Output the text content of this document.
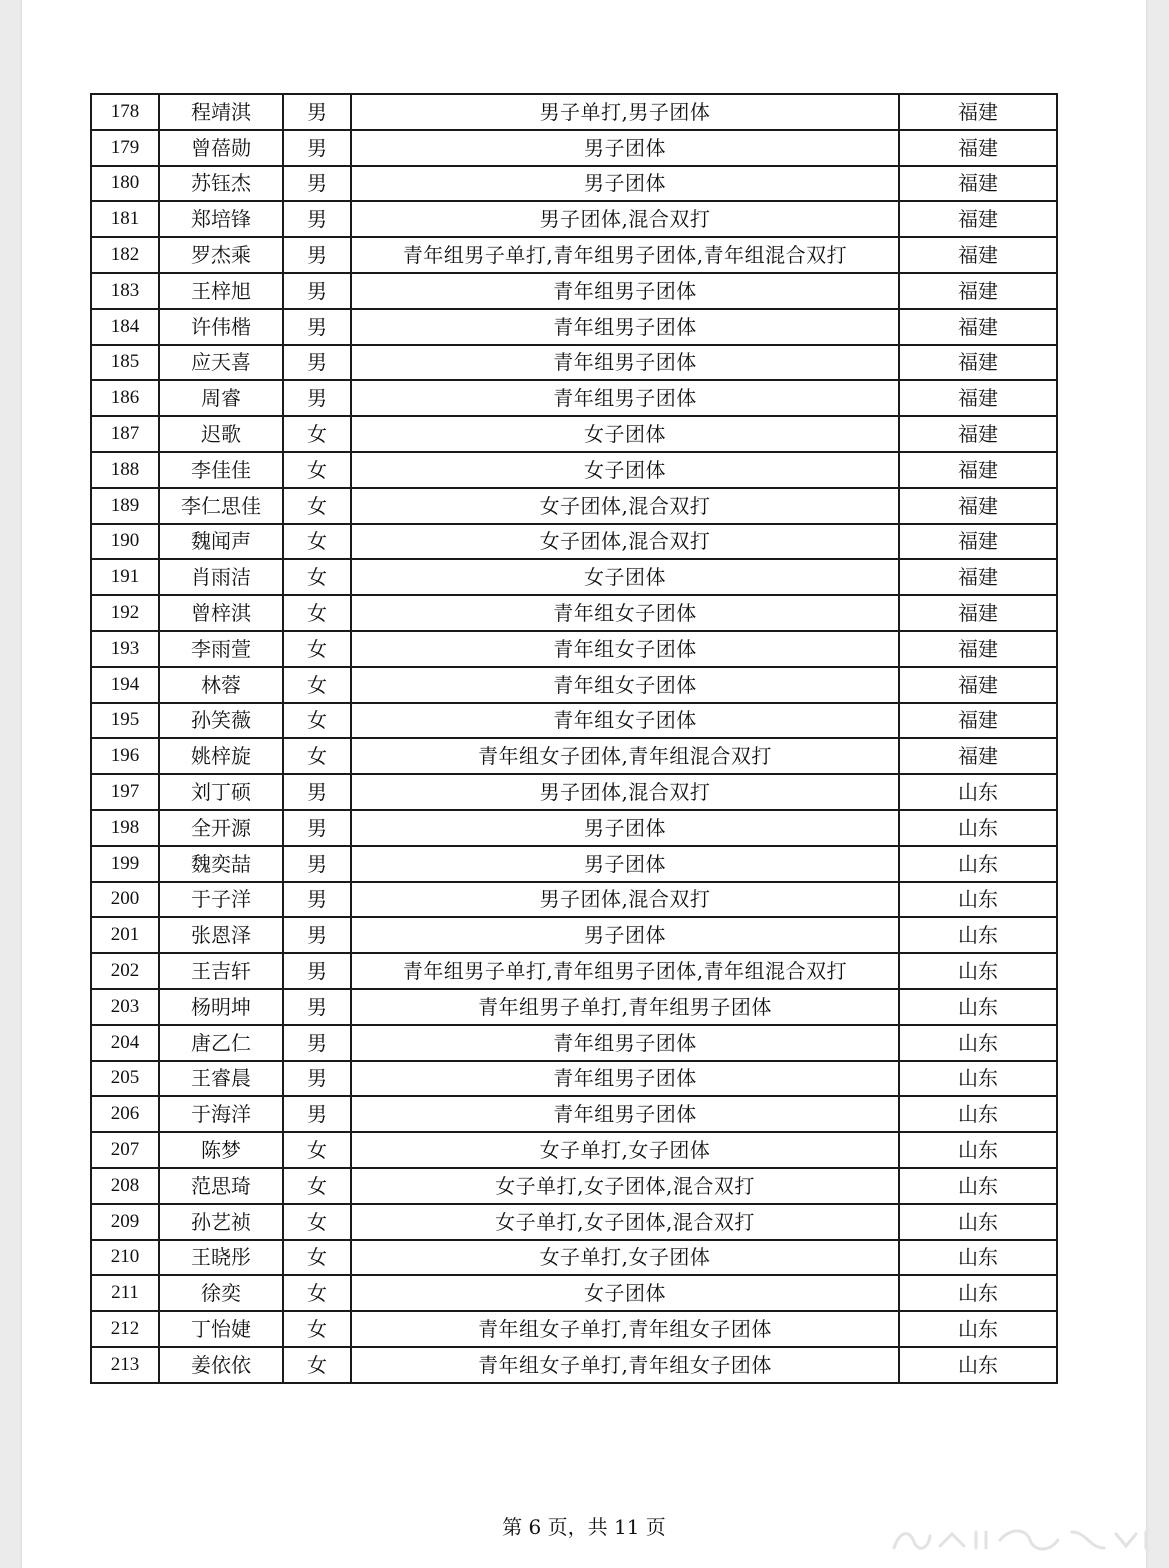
178	程靖淇	男	男子单打,男子团体	福建
179	曾蓓勋	男	男子团体	福建
180	苏钰杰	男	男子团体	福建
181	郑培锋	男	男子团体,混合双打	福建
182	罗杰乘	男	青年组男子单打,青年组男子团体,青年组混合双打	福建
183	王梓旭	男	青年组男子团体	福建
184	许伟楷	男	青年组男子团体	福建
185	应天喜	男	青年组男子团体	福建
186	周睿	男	青年组男子团体	福建
187	迟歌	女	女子团体	福建
188	李佳佳	女	女子团体	福建
189	李仁思佳	女	女子团体,混合双打	福建
190	魏闻声	女	女子团体,混合双打	福建
191	肖雨洁	女	女子团体	福建
192	曾梓淇	女	青年组女子团体	福建
193	李雨萱	女	青年组女子团体	福建
194	林蓉	女	青年组女子团体	福建
195	孙笑薇	女	青年组女子团体	福建
196	姚梓旋	女	青年组女子团体,青年组混合双打	福建
197	刘丁硕	男	男子团体,混合双打	山东
198	全开源	男	男子团体	山东
199	魏奕喆	男	男子团体	山东
200	于子洋	男	男子团体,混合双打	山东
201	张恩泽	男	男子团体	山东
202	王吉轩	男	青年组男子单打,青年组男子团体,青年组混合双打	山东
203	杨明坤	男	青年组男子单打,青年组男子团体	山东
204	唐乙仁	男	青年组男子团体	山东
205	王睿晨	男	青年组男子团体	山东
206	于海洋	男	青年组男子团体	山东
207	陈梦	女	女子单打,女子团体	山东
208	范思琦	女	女子单打,女子团体,混合双打	山东
209	孙艺祯	女	女子单打,女子团体,混合双打	山东
210	王晓彤	女	女子单打,女子团体	山东
211	徐奕	女	女子团体	山东
212	丁怡婕	女	青年组女子单打,青年组女子团体	山东
213	姜依依	女	青年组女子单打,青年组女子团体	山东
第 6 页，共 11 页
